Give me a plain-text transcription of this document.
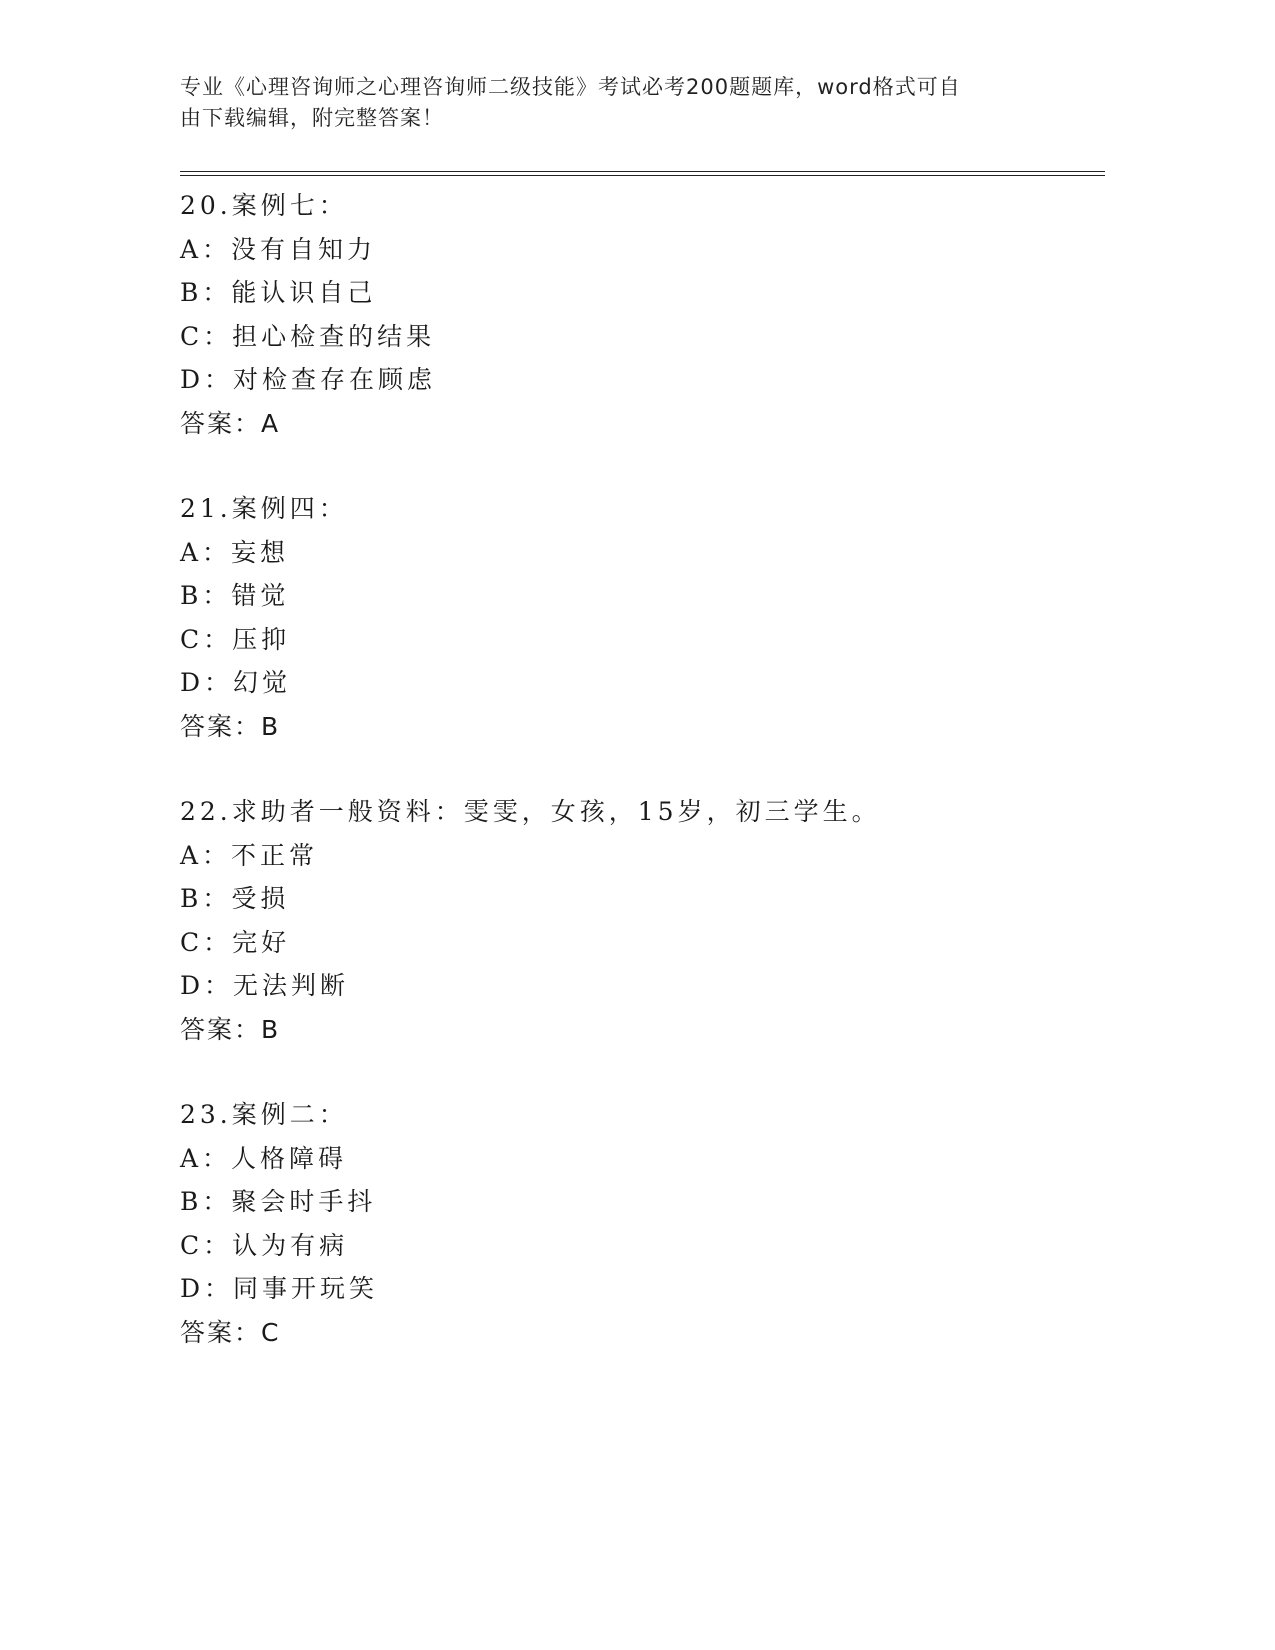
专业《心理咨询师之心理咨询师二级技能》考试必考200题题库，word格式可自
由下载编辑，附完整答案！
20.案例七：
A：没有自知力
B：能认识自己
C：担心检查的结果
D：对检查存在顾虑
答案：A
21.案例四：
A：妄想
B：错觉
C：压抑
D：幻觉
答案：B
22.求助者一般资料：雯雯，女孩，15岁，初三学生。
A：不正常
B：受损
C：完好
D：无法判断
答案：B
23.案例二：
A：人格障碍
B：聚会时手抖
C：认为有病
D：同事开玩笑
答案：C
